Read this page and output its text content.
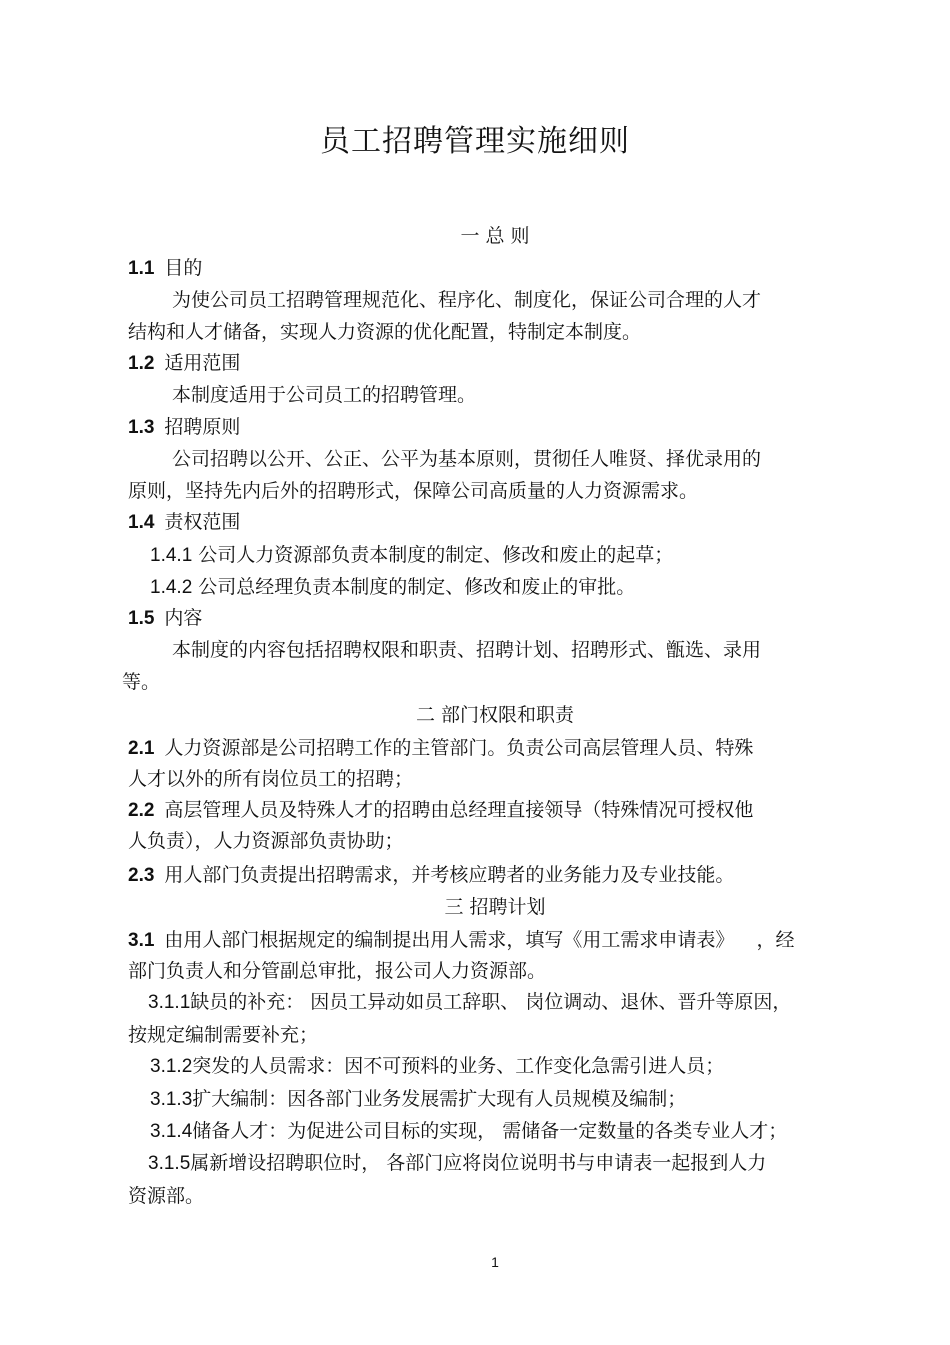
员工招聘管理实施细则
一 总 则
1.1 目的
为使公司员工招聘管理规范化、程序化、制度化，保证公司合理的人才
结构和人才储备，实现人力资源的优化配置，特制定本制度。
1.2 适用范围
本制度适用于公司员工的招聘管理。
1.3 招聘原则
公司招聘以公开、公正、公平为基本原则，贯彻任人唯贤、择优录用的
原则，坚持先内后外的招聘形式，保障公司高质量的人力资源需求。
1.4 责权范围
1.4.1 公司人力资源部负责本制度的制定、修改和废止的起草；
1.4.2 公司总经理负责本制度的制定、修改和废止的审批。
1.5 内容
本制度的内容包括招聘权限和职责、招聘计划、招聘形式、甑选、录用
等。
二 部门权限和职责
2.1 人力资源部是公司招聘工作的主管部门。负责公司高层管理人员、特殊
人才以外的所有岗位员工的招聘；
2.2 高层管理人员及特殊人才的招聘由总经理直接领导（特殊情况可授权他
人负责），人力资源部负责协助；
2.3 用人部门负责提出招聘需求，并考核应聘者的业务能力及专业技能。
三 招聘计划
3.1 由用人部门根据规定的编制提出用人需求，填写《用工需求申请表》 ，经
部门负责人和分管副总审批，报公司人力资源部。
3.1.1缺员的补充： 因员工异动如员工辞职、 岗位调动、退休、晋升等原因，
按规定编制需要补充；
3.1.2突发的人员需求：因不可预料的业务、工作变化急需引进人员；
3.1.3扩大编制：因各部门业务发展需扩大现有人员规模及编制；
3.1.4储备人才：为促进公司目标的实现， 需储备一定数量的各类专业人才；
3.1.5属新增设招聘职位时， 各部门应将岗位说明书与申请表一起报到人力
资源部。
1
